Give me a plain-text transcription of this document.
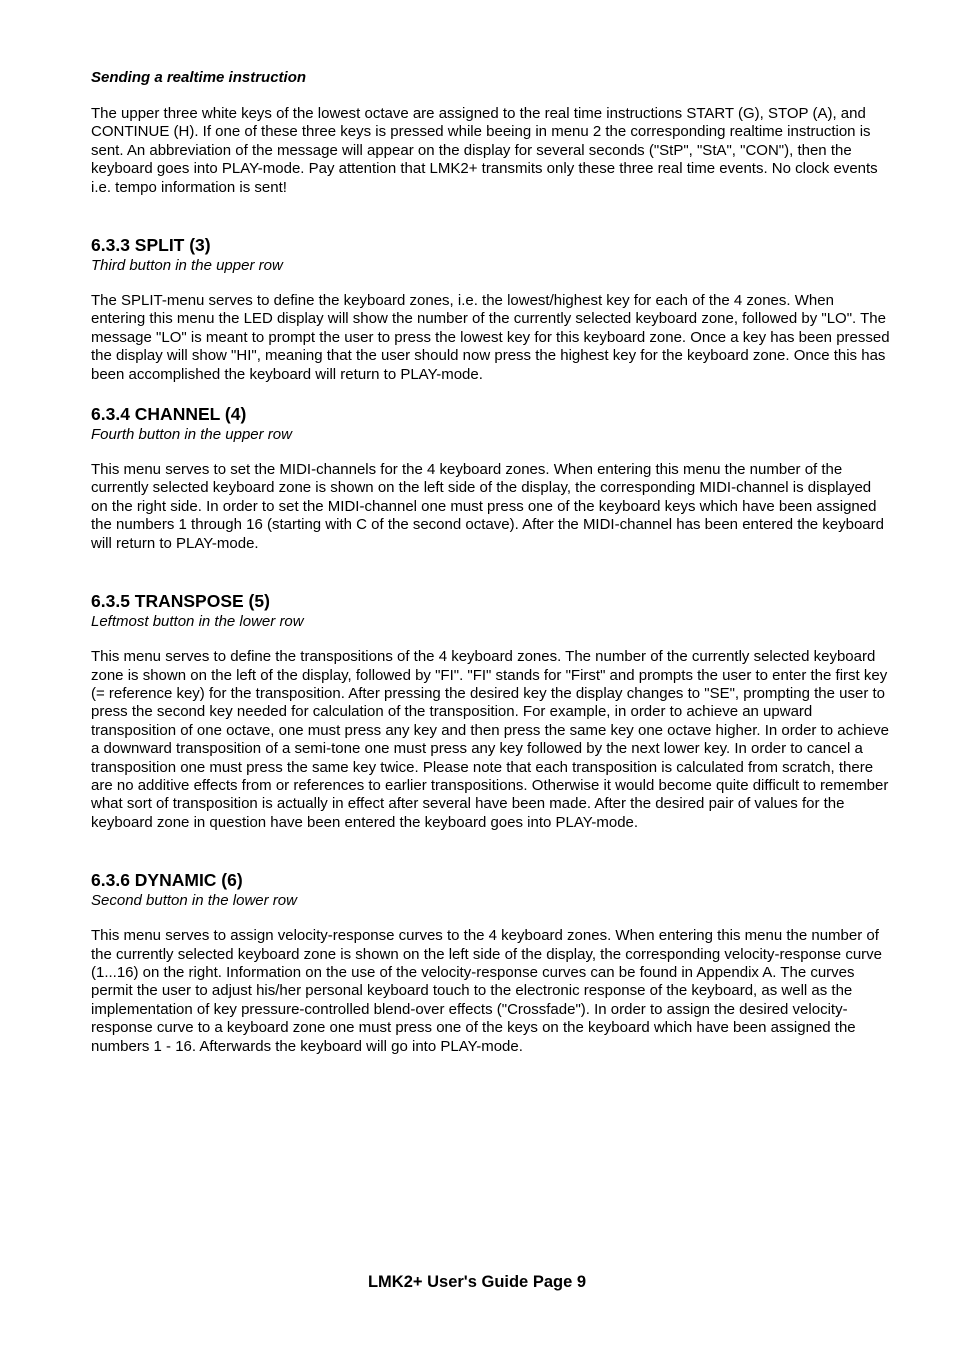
Sending a realtime instruction

The upper three white keys of the lowest octave are assigned to the real time instructions START (G), STOP (A), and CONTINUE (H). If one of these three keys is pressed while beeing in menu 2 the corresponding realtime instruction is sent. An abbreviation of the message will appear on the display for several seconds ("StP", "StA", "CON"), then the keyboard goes into PLAY-mode. Pay attention that LMK2+ transmits only these three real time events. No clock events i.e. tempo information is sent!

6.3.3 SPLIT (3)

Third button in the upper row

The SPLIT-menu serves to define the keyboard zones, i.e. the lowest/highest key for each of the 4 zones. When entering this menu the LED display will show the number of the currently selected keyboard zone, followed by "LO". The message "LO" is meant to prompt the user to press the lowest key for this keyboard zone. Once a key has been pressed the display will show "HI", meaning that the user should now press the highest key for the keyboard zone. Once this has been accomplished the keyboard will return to PLAY-mode.

6.3.4 CHANNEL (4)

Fourth button in the upper row

This menu serves to set the MIDI-channels for the 4 keyboard zones. When entering this menu the number of the currently selected keyboard zone is shown on the left side of the display, the corresponding MIDI-channel is displayed on the right side. In order to set the MIDI-channel one must press one of the keyboard keys which have been assigned the numbers 1 through 16 (starting with C of the second octave). After the MIDI-channel has been entered the keyboard will return to PLAY-mode.

6.3.5 TRANSPOSE (5)

Leftmost button in the lower row

This menu serves to define the transpositions of the 4 keyboard zones. The number of the currently selected keyboard zone is shown on the left of the display, followed by "FI". "FI" stands for "First" and prompts the user to enter the first key (= reference key) for the transposition. After pressing the desired key the display changes to "SE", prompting the user to press the second key needed for calculation of the transposition. For example, in order to achieve an upward transposition of one octave, one must press any key and then press the same key one octave higher. In order to achieve a downward transposition of a semi-tone one must press any key followed by the next lower key. In order to cancel a transposition one must press the same key twice. Please note that each transposition is calculated from scratch, there are no additive effects from or references to earlier transpositions. Otherwise it would become quite difficult to remember what sort of transposition is actually in effect after several have been made. After the desired pair of values for the keyboard zone in question have been entered the keyboard goes into PLAY-mode.

6.3.6 DYNAMIC (6)

Second button in the lower row

This menu serves to assign velocity-response curves to the 4 keyboard zones. When entering this menu the number of the currently selected keyboard zone is shown on the left side of the display, the corresponding velocity-response curve (1...16) on the right. Information on the use of the velocity-response curves can be found in Appendix A. The curves permit the user to adjust his/her personal keyboard touch to the electronic response of the keyboard, as well as the implementation of key pressure-controlled blend-over effects ("Crossfade"). In order to assign the desired velocity-response curve to a keyboard zone one must press one of the keys on the keyboard which have been assigned the numbers 1 - 16. Afterwards the keyboard will go into PLAY-mode.

LMK2+ User's Guide Page 9
